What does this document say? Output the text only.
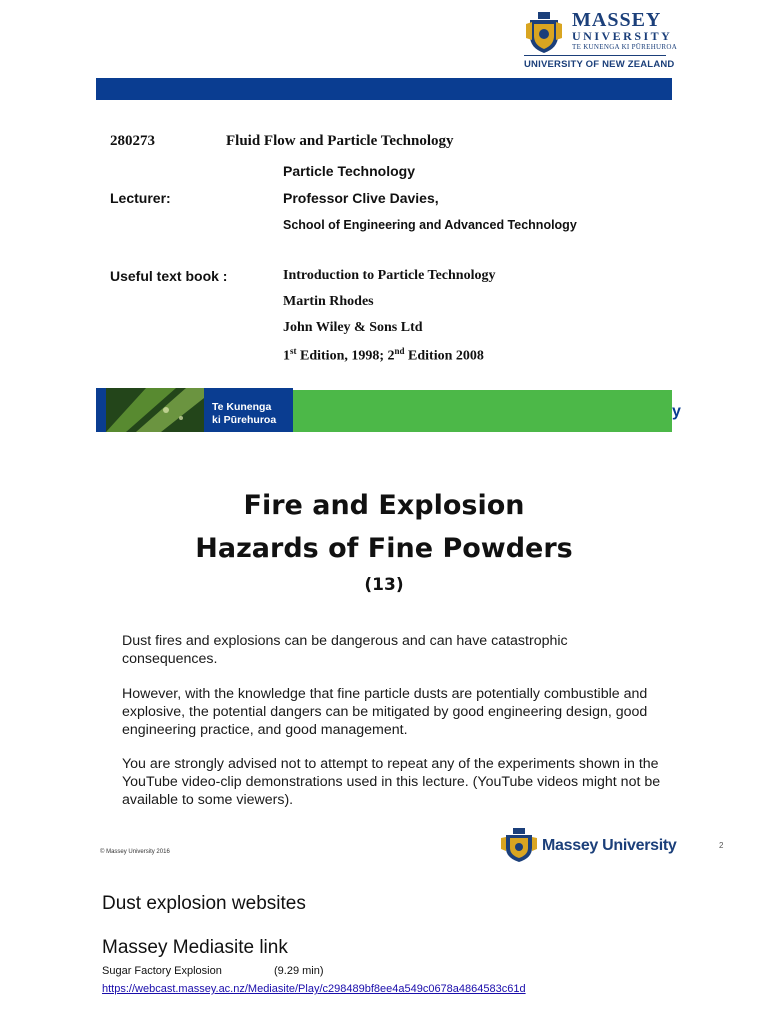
MASSEY
UNIVERSITY
TE KUNENGA KI PŪREHUROA
UNIVERSITY OF NEW ZEALAND
280273	Fluid Flow and Particle Technology
Particle Technology
Lecturer:	Professor Clive Davies,
School of Engineering and Advanced Technology
Useful text book :	Introduction to Particle Technology
Martin Rhodes
John Wiley & Sons Ltd
1st Edition, 1998; 2nd Edition 2008
Te Kunenga
ki Pūrehuroa	y
Fire and Explosion
Hazards of Fine Powders
(13)
Dust fires and explosions can be dangerous and can have catastrophic consequences.
However, with the knowledge that fine particle dusts are potentially combustible and explosive, the potential dangers can be mitigated by good engineering design, good engineering practice, and good management.
You are strongly advised not to attempt to repeat any of the experiments shown in the YouTube video-clip demonstrations used in this lecture. (YouTube videos might not be available to some viewers).
© Massey University 2016	Massey University	2
Dust explosion websites
Massey Mediasite link
Sugar Factory Explosion	(9.29 min)
https://webcast.massey.ac.nz/Mediasite/Play/c298489bf8ee4a549c0678a4864583c61d
